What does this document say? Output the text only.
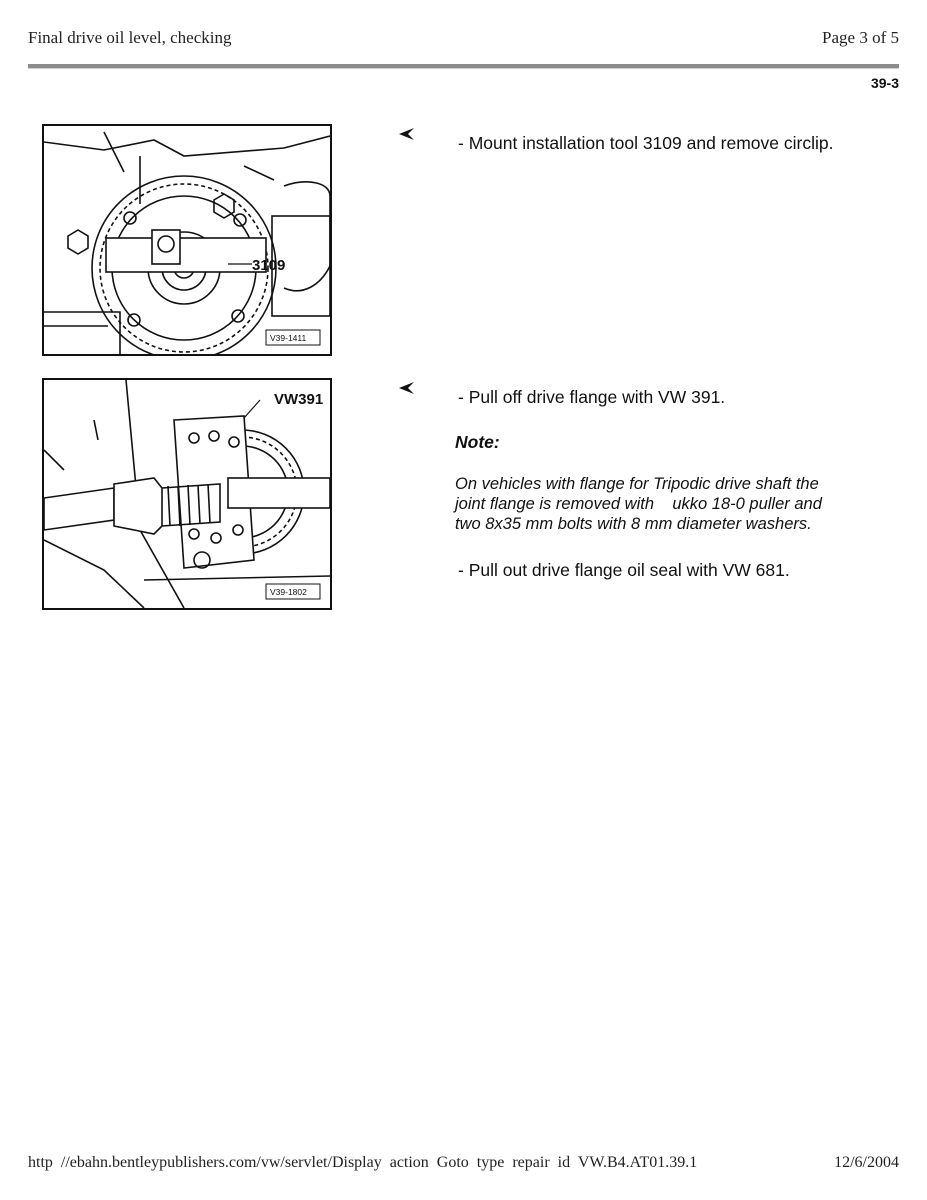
Final drive oil level, checking	Page 3 of 5
39-3
3109
V39-1411
VW391
V39-1802
- Mount installation tool 3109 and remove circlip.
- Pull off drive flange with VW 391.
Note:
On vehicles with flange for Tripodic drive shaft the
joint flange is removed with    ukko 18-0 puller and
two 8x35 mm bolts with 8 mm diameter washers.
- Pull out drive flange oil seal with VW 681.
http //ebahn.bentleypublishers.com/vw/servlet/Display action Goto type repair id VW.B4.AT01.39.1	12/6/2004
